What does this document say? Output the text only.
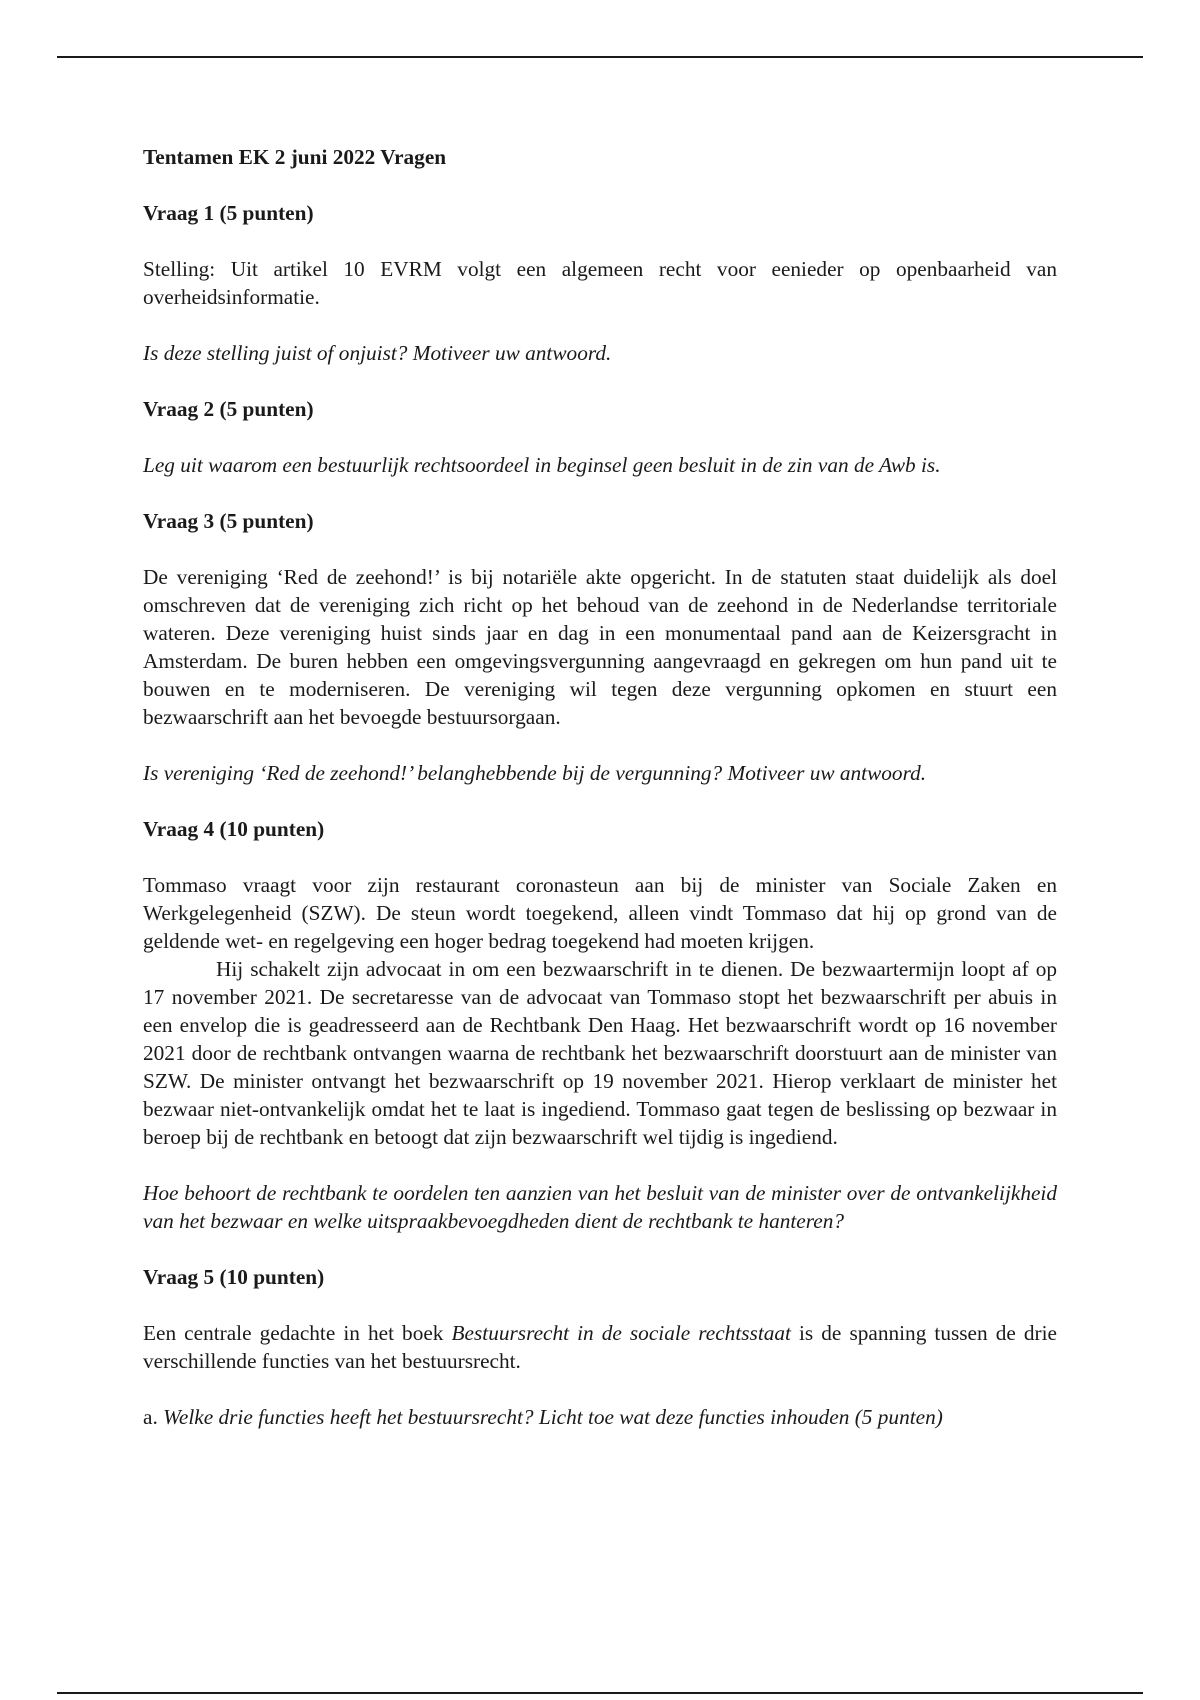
Tentamen EK 2 juni 2022 Vragen
Vraag 1 (5 punten)

Stelling: Uit artikel 10 EVRM volgt een algemeen recht voor eenieder op openbaarheid van overheidsinformatie.

Is deze stelling juist of onjuist? Motiveer uw antwoord.

Vraag 2 (5 punten)

Leg uit waarom een bestuurlijk rechtsoordeel in beginsel geen besluit in de zin van de Awb is.

Vraag 3 (5 punten)

De vereniging ‘Red de zeehond!’ is bij notariële akte opgericht. In de statuten staat duidelijk als doel omschreven dat de vereniging zich richt op het behoud van de zeehond in de Nederlandse territoriale wateren. Deze vereniging huist sinds jaar en dag in een monumentaal pand aan de Keizersgracht in Amsterdam. De buren hebben een omgevingsvergunning aangevraagd en gekregen om hun pand uit te bouwen en te moderniseren. De vereniging wil tegen deze vergunning opkomen en stuurt een bezwaarschrift aan het bevoegde bestuursorgaan.

Is vereniging ‘Red de zeehond!’ belanghebbende bij de vergunning? Motiveer uw antwoord.

Vraag 4 (10 punten)

Tommaso vraagt voor zijn restaurant coronasteun aan bij de minister van Sociale Zaken en Werkgelegenheid (SZW). De steun wordt toegekend, alleen vindt Tommaso dat hij op grond van de geldende wet- en regelgeving een hoger bedrag toegekend had moeten krijgen.

Hij schakelt zijn advocaat in om een bezwaarschrift in te dienen. De bezwaartermijn loopt af op 17 november 2021. De secretaresse van de advocaat van Tommaso stopt het bezwaarschrift per abuis in een envelop die is geadresseerd aan de Rechtbank Den Haag. Het bezwaarschrift wordt op 16 november 2021 door de rechtbank ontvangen waarna de rechtbank het bezwaarschrift doorstuurt aan de minister van SZW. De minister ontvangt het bezwaarschrift op 19 november 2021. Hierop verklaart de minister het bezwaar niet-ontvankelijk omdat het te laat is ingediend. Tommaso gaat tegen de beslissing op bezwaar in beroep bij de rechtbank en betoogt dat zijn bezwaarschrift wel tijdig is ingediend.

Hoe behoort de rechtbank te oordelen ten aanzien van het besluit van de minister over de ontvankelijkheid van het bezwaar en welke uitspraakbevoegdheden dient de rechtbank te hanteren?

Vraag 5 (10 punten)

Een centrale gedachte in het boek Bestuursrecht in de sociale rechtsstaat is de spanning tussen de drie verschillende functies van het bestuursrecht.

a. Welke drie functies heeft het bestuursrecht? Licht toe wat deze functies inhouden (5 punten)
